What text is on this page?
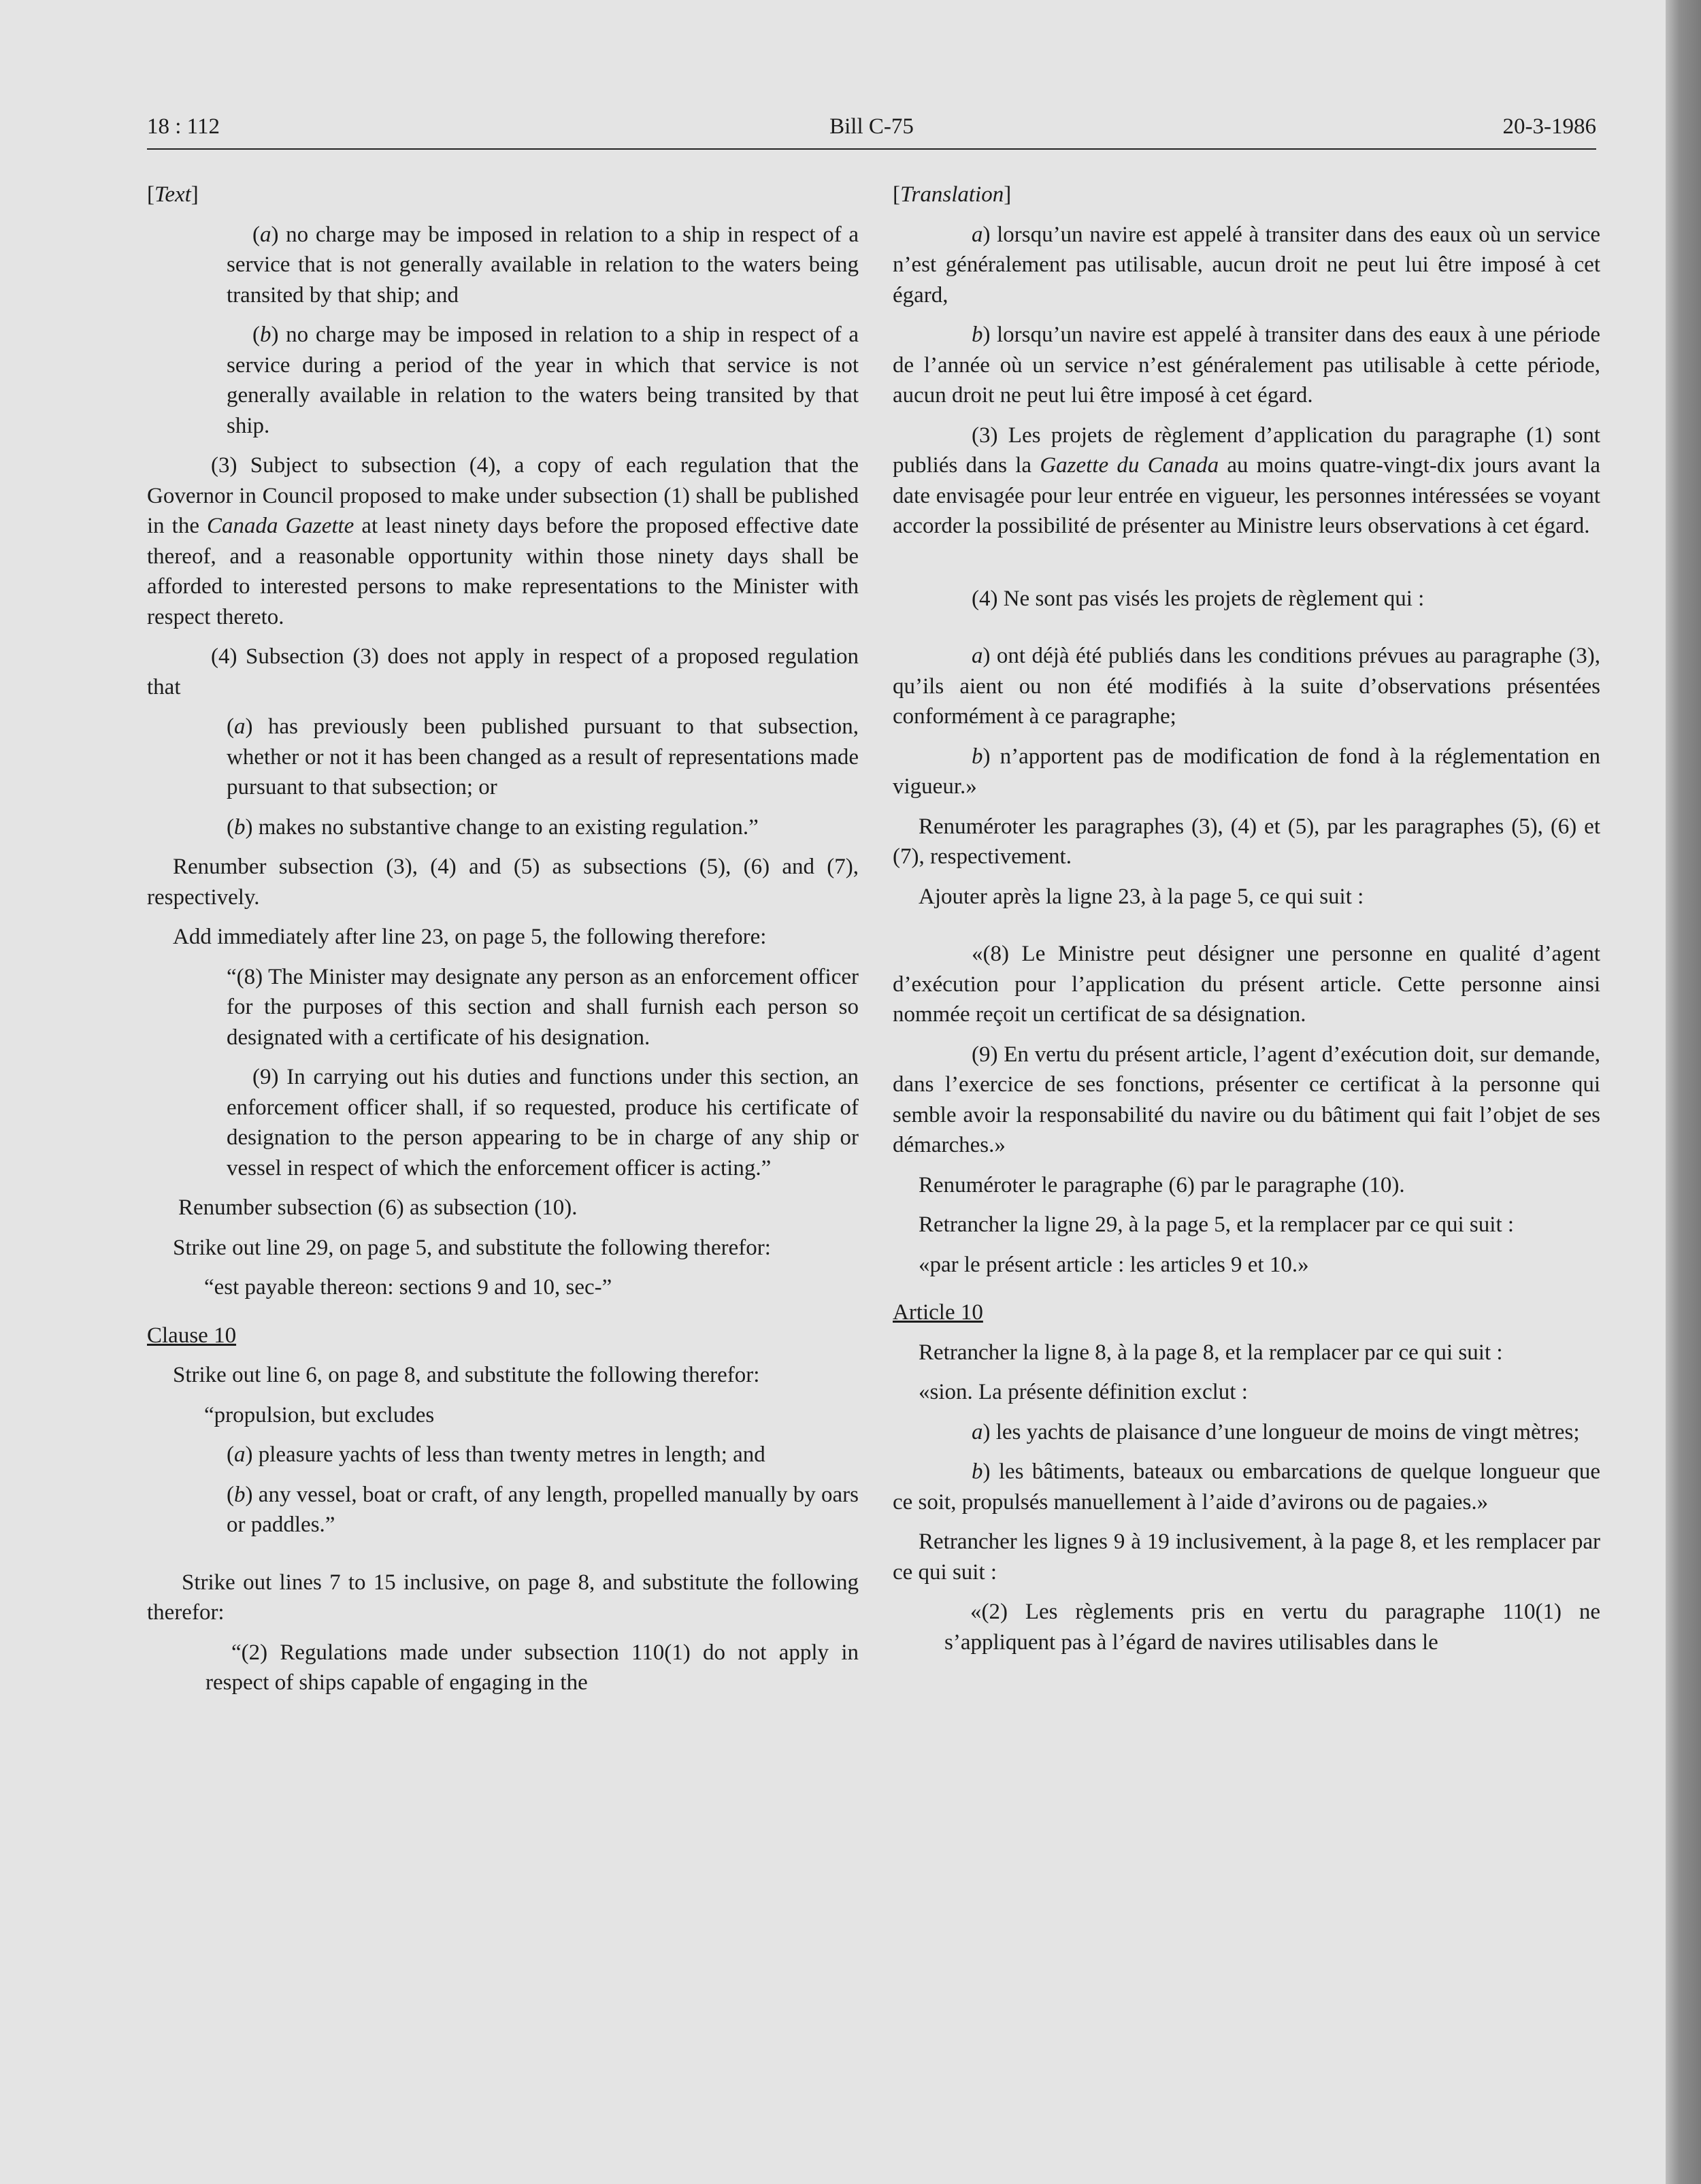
18 : 112	Bill C-75	20-3-1986

[Text]

(a) no charge may be imposed in relation to a ship in respect of a service that is not generally available in relation to the waters being transited by that ship; and

(b) no charge may be imposed in relation to a ship in respect of a service during a period of the year in which that service is not generally available in relation to the waters being transited by that ship.

(3) Subject to subsection (4), a copy of each regulation that the Governor in Council proposed to make under subsection (1) shall be published in the Canada Gazette at least ninety days before the proposed effective date thereof, and a reasonable opportunity within those ninety days shall be afforded to interested persons to make representations to the Minister with respect thereto.

(4) Subsection (3) does not apply in respect of a proposed regulation that

(a) has previously been published pursuant to that subsection, whether or not it has been changed as a result of representations made pursuant to that subsection; or

(b) makes no substantive change to an existing regulation.”

Renumber subsection (3), (4) and (5) as subsections (5), (6) and (7), respectively.

Add immediately after line 23, on page 5, the following therefore:

“(8) The Minister may designate any person as an enforcement officer for the purposes of this section and shall furnish each person so designated with a certificate of his designation.

(9) In carrying out his duties and functions under this section, an enforcement officer shall, if so requested, produce his certificate of designation to the person appearing to be in charge of any ship or vessel in respect of which the enforcement officer is acting.”

Renumber subsection (6) as subsection (10).

Strike out line 29, on page 5, and substitute the following therefor:

“est payable thereon: sections 9 and 10, sec-”

Clause 10

Strike out line 6, on page 8, and substitute the following therefor:

“propulsion, but excludes

(a) pleasure yachts of less than twenty metres in length; and

(b) any vessel, boat or craft, of any length, propelled manually by oars or paddles.”

Strike out lines 7 to 15 inclusive, on page 8, and substitute the following therefor:

“(2) Regulations made under subsection 110(1) do not apply in respect of ships capable of engaging in the

[Translation]

a) lorsqu’un navire est appelé à transiter dans des eaux où un service n’est généralement pas utilisable, aucun droit ne peut lui être imposé à cet égard,

b) lorsqu’un navire est appelé à transiter dans des eaux à une période de l’année où un service n’est généralement pas utilisable à cette période, aucun droit ne peut lui être imposé à cet égard.

(3) Les projets de règlement d’application du paragraphe (1) sont publiés dans la Gazette du Canada au moins quatre-vingt-dix jours avant la date envisagée pour leur entrée en vigueur, les personnes intéressées se voyant accorder la possibilité de présenter au Ministre leurs observations à cet égard.

(4) Ne sont pas visés les projets de règlement qui :

a) ont déjà été publiés dans les conditions prévues au paragraphe (3), qu’ils aient ou non été modifiés à la suite d’observations présentées conformément à ce paragraphe;

b) n’apportent pas de modification de fond à la réglementation en vigueur.»

Renuméroter les paragraphes (3), (4) et (5), par les paragraphes (5), (6) et (7), respectivement.

Ajouter après la ligne 23, à la page 5, ce qui suit :

«(8) Le Ministre peut désigner une personne en qualité d’agent d’exécution pour l’application du présent article. Cette personne ainsi nommée reçoit un certificat de sa désignation.

(9) En vertu du présent article, l’agent d’exécution doit, sur demande, dans l’exercice de ses fonctions, présenter ce certificat à la personne qui semble avoir la responsabilité du navire ou du bâtiment qui fait l’objet de ses démarches.»

Renuméroter le paragraphe (6) par le paragraphe (10).

Retrancher la ligne 29, à la page 5, et la remplacer par ce qui suit :

«par le présent article : les articles 9 et 10.»

Article 10

Retrancher la ligne 8, à la page 8, et la remplacer par ce qui suit :

«sion. La présente définition exclut :

a) les yachts de plaisance d’une longueur de moins de vingt mètres;

b) les bâtiments, bateaux ou embarcations de quelque longueur que ce soit, propulsés manuellement à l’aide d’avirons ou de pagaies.»

Retrancher les lignes 9 à 19 inclusivement, à la page 8, et les remplacer par ce qui suit :

«(2) Les règlements pris en vertu du paragraphe 110(1) ne s’appliquent pas à l’égard de navires utilisables dans le
